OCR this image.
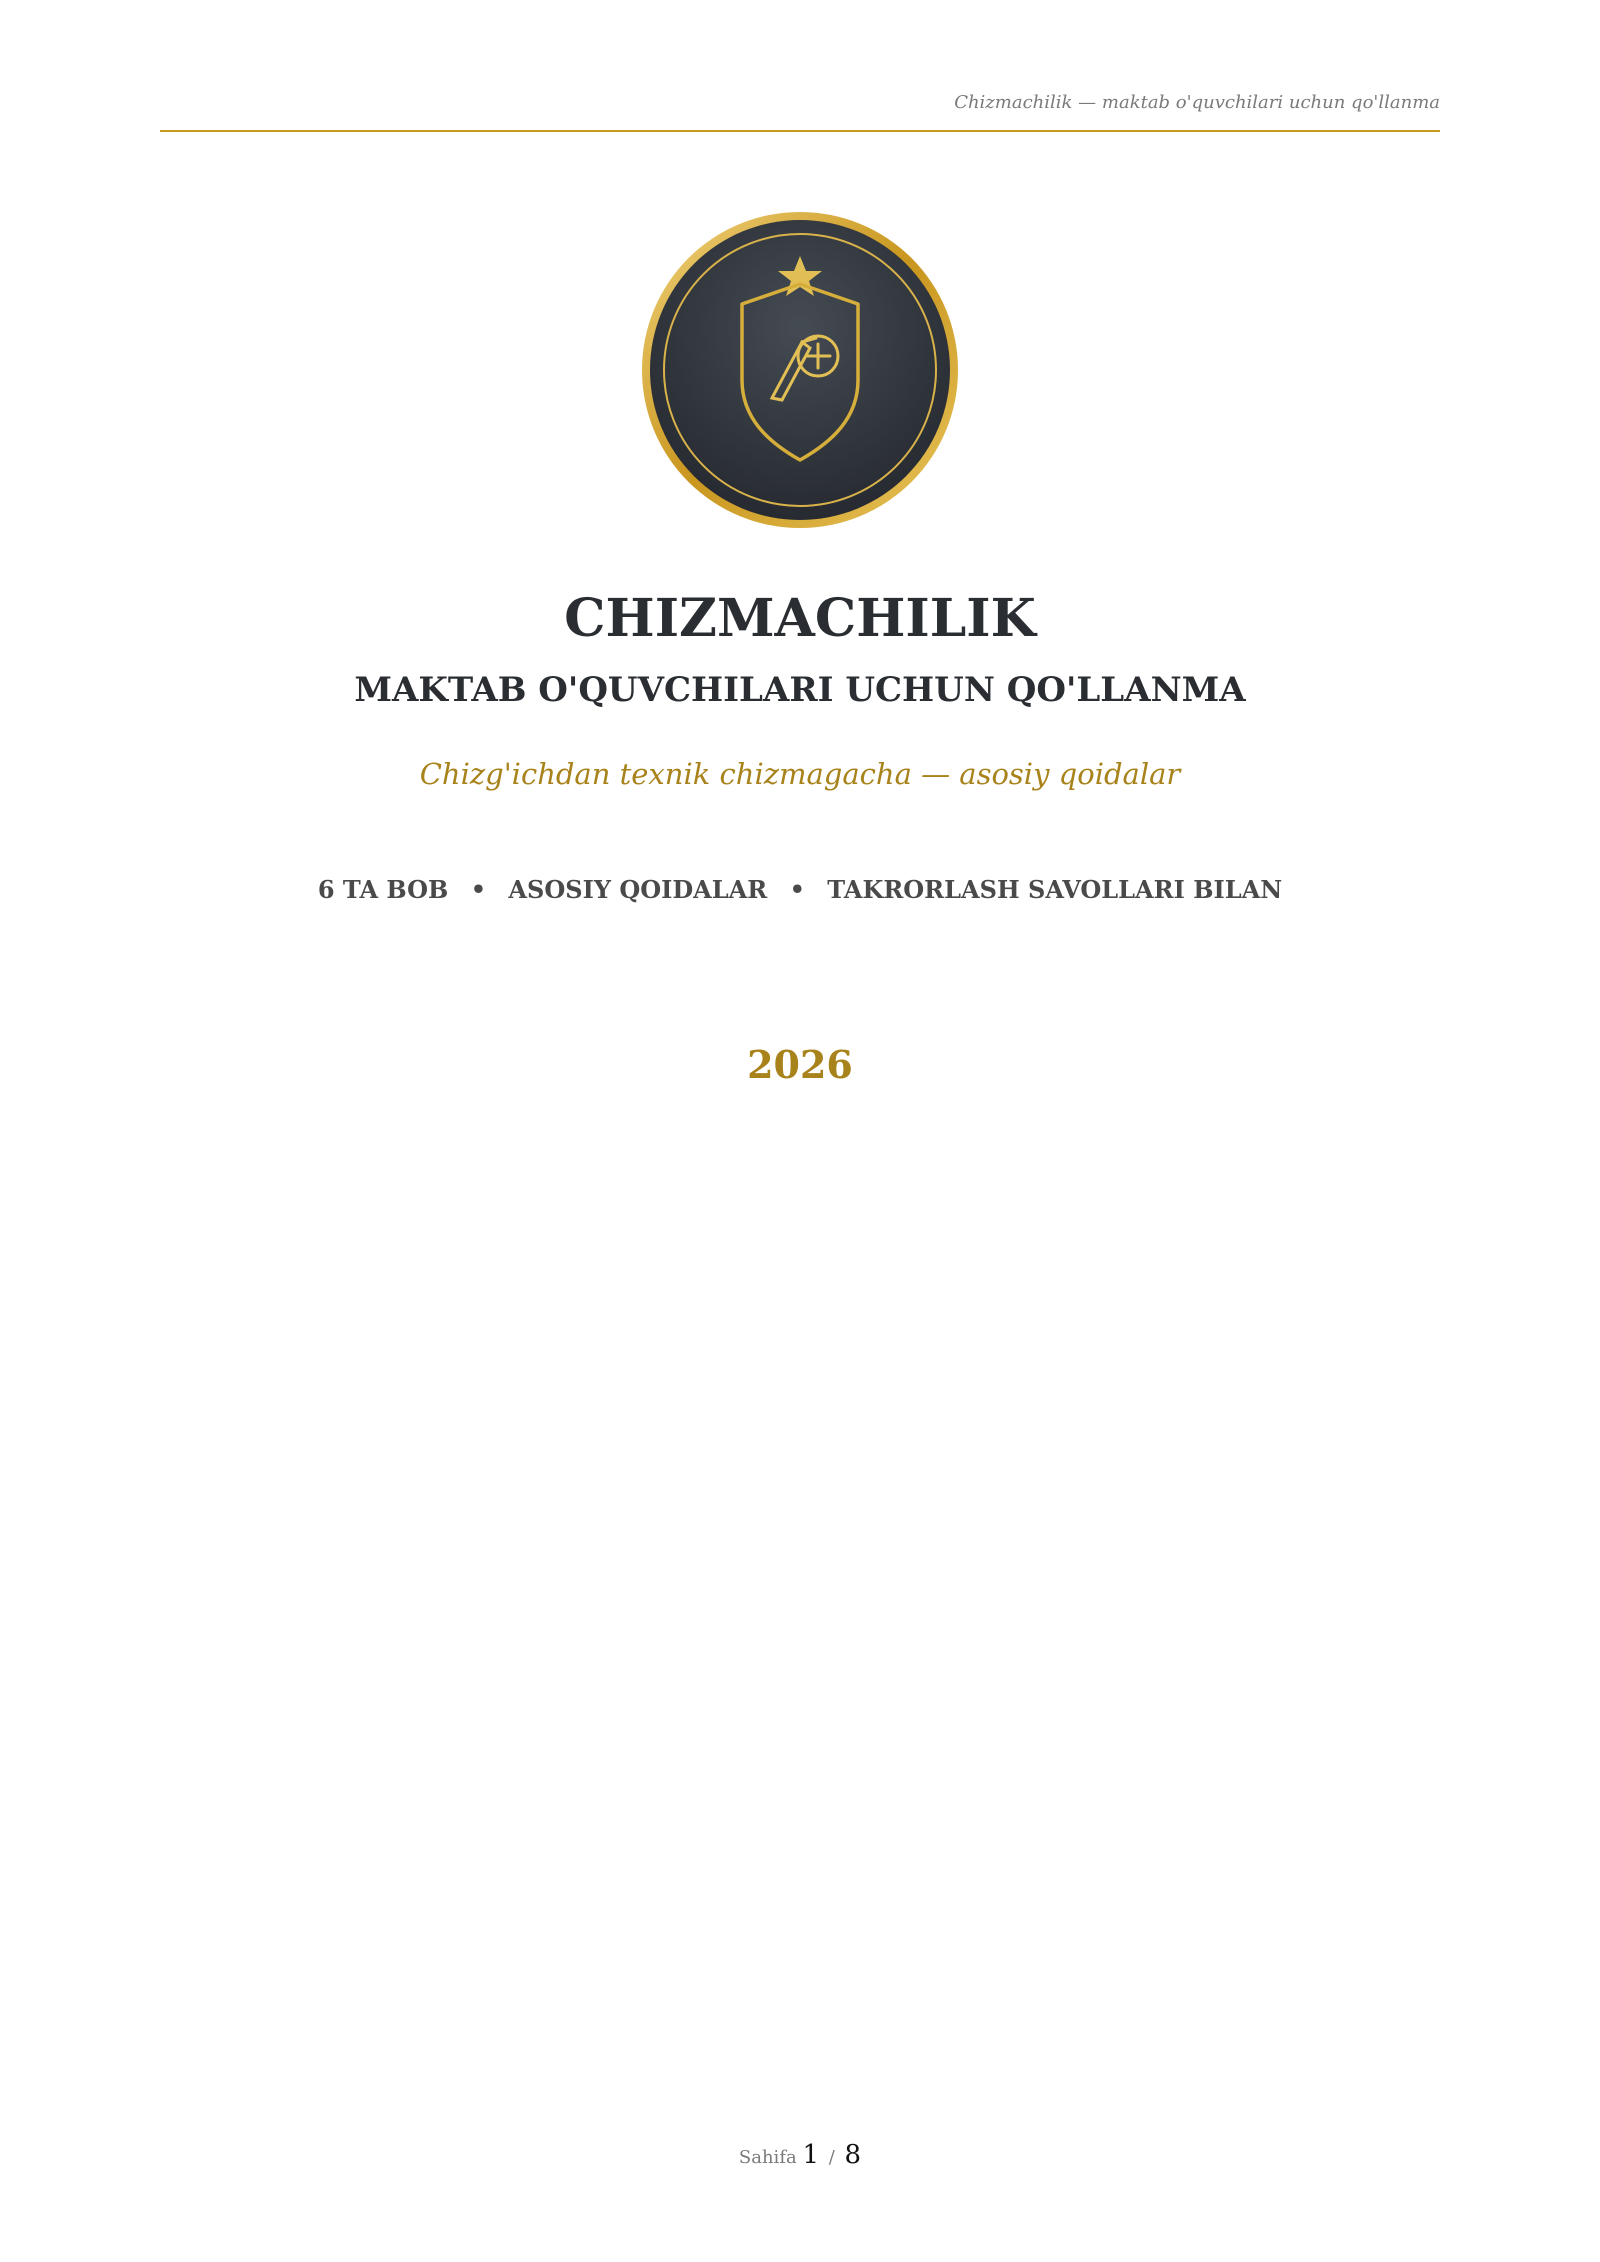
Chizmachilik — maktab o'quvchilari uchun qo'llanma
CHIZMACHILIK
MAKTAB O'QUVCHILARI UCHUN QO'LLANMA
Chizg'ichdan texnik chizmagacha — asosiy qoidalar
6 TA BOB • ASOSIY QOIDALAR • TAKRORLASH SAVOLLARI BILAN
2026
Sahifa 1 / 8
